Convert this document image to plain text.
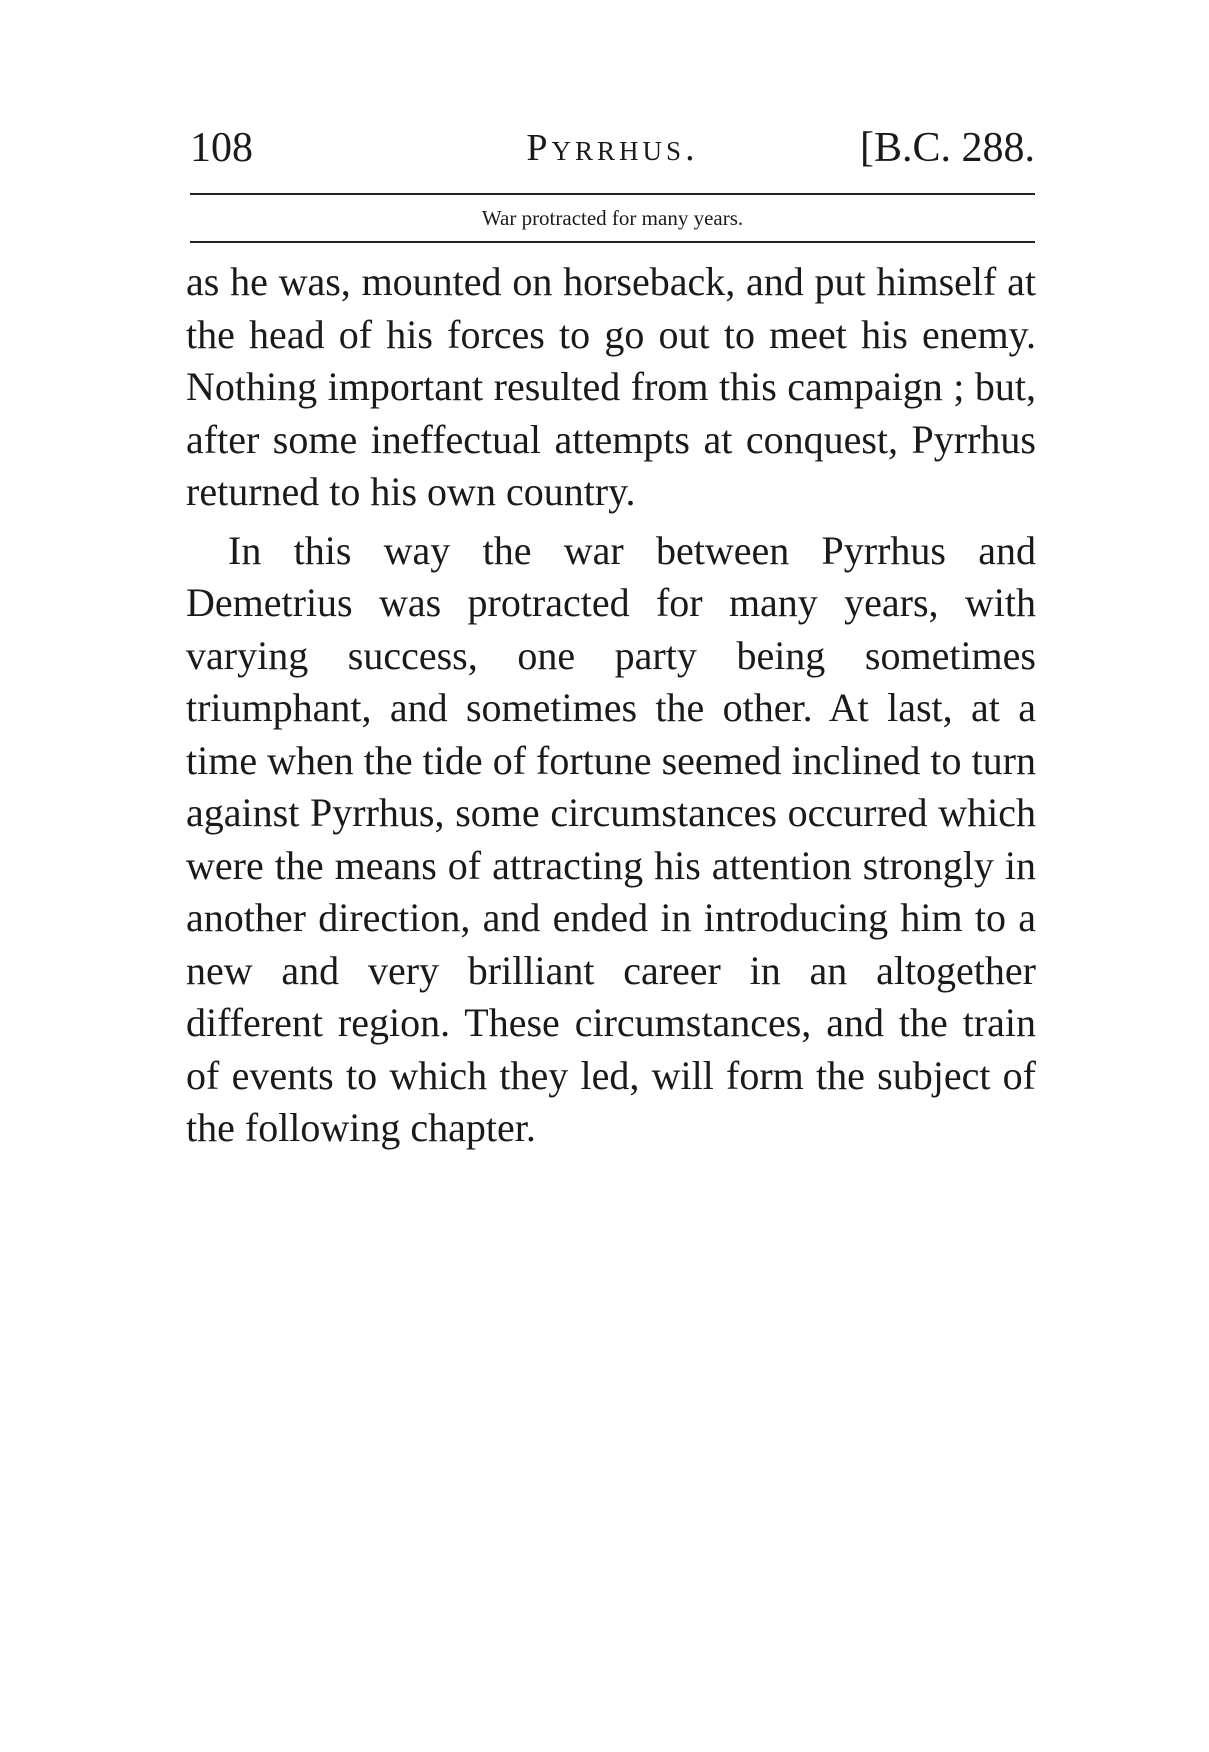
108	Pyrrhus.	[B.C. 288.
War protracted for many years.

as he was, mounted on horseback, and put himself at the head of his forces to go out to meet his enemy. Nothing important resulted from this campaign ; but, after some ineffectual attempts at conquest, Pyrrhus returned to his own country.

In this way the war between Pyrrhus and Demetrius was protracted for many years, with varying success, one party being sometimes triumphant, and sometimes the other. At last, at a time when the tide of fortune seemed inclined to turn against Pyrrhus, some circumstances occurred which were the means of attracting his attention strongly in another direction, and ended in introducing him to a new and very brilliant career in an altogether different region. These circumstances, and the train of events to which they led, will form the subject of the following chapter.
